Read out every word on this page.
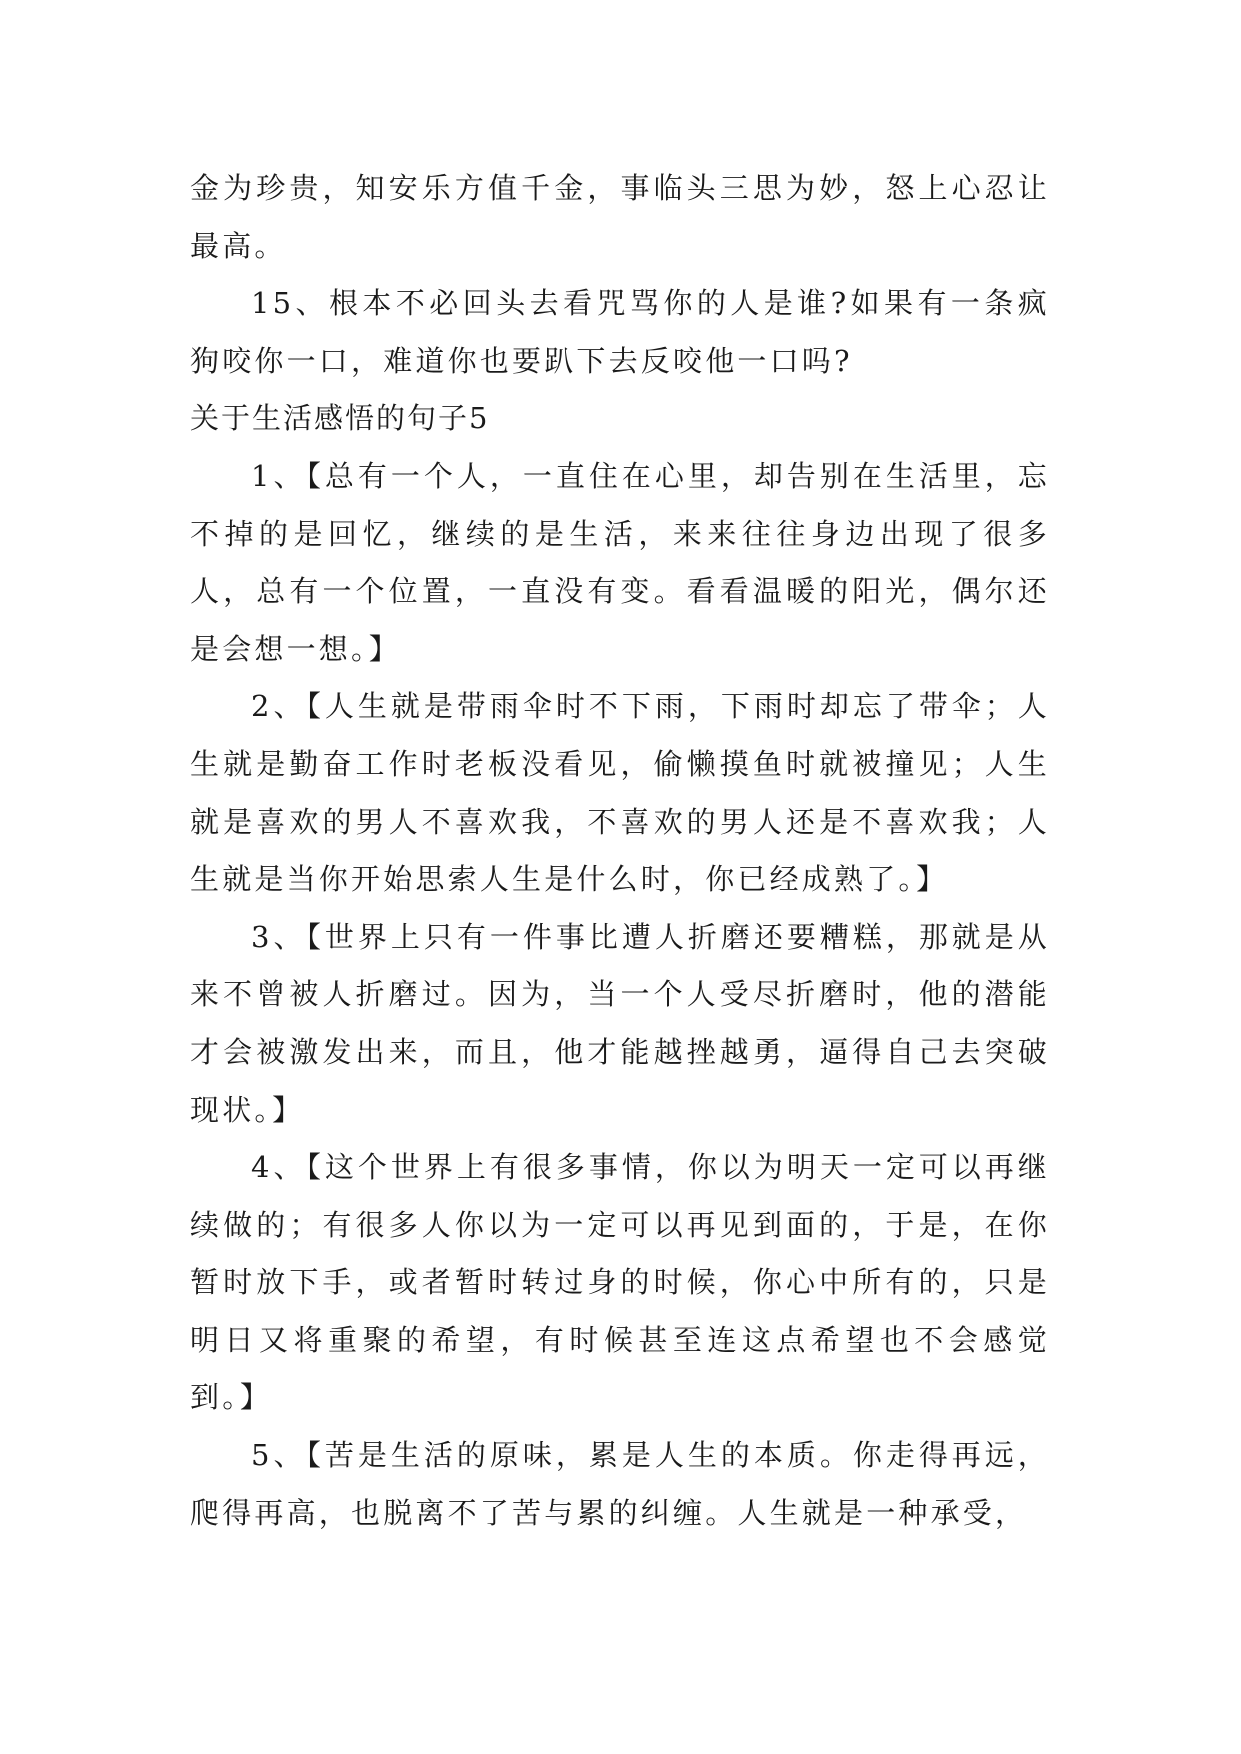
金为珍贵，知安乐方值千金，事临头三思为妙，怒上心忍让最高。

15、根本不必回头去看咒骂你的人是谁?如果有一条疯狗咬你一口，难道你也要趴下去反咬他一口吗?

关于生活感悟的句子5

1、【总有一个人，一直住在心里，却告别在生活里，忘不掉的是回忆，继续的是生活，来来往往身边出现了很多人，总有一个位置，一直没有变。看看温暖的阳光，偶尔还是会想一想。】

2、【人生就是带雨伞时不下雨，下雨时却忘了带伞；人生就是勤奋工作时老板没看见，偷懒摸鱼时就被撞见；人生就是喜欢的男人不喜欢我，不喜欢的男人还是不喜欢我；人生就是当你开始思索人生是什么时，你已经成熟了。】

3、【世界上只有一件事比遭人折磨还要糟糕，那就是从来不曾被人折磨过。因为，当一个人受尽折磨时，他的潜能才会被激发出来，而且，他才能越挫越勇，逼得自己去突破现状。】

4、【这个世界上有很多事情，你以为明天一定可以再继续做的；有很多人你以为一定可以再见到面的，于是，在你暂时放下手，或者暂时转过身的时候，你心中所有的，只是明日又将重聚的希望，有时候甚至连这点希望也不会感觉到。】

5、【苦是生活的原味，累是人生的本质。你走得再远，爬得再高，也脱离不了苦与累的纠缠。人生就是一种承受，
